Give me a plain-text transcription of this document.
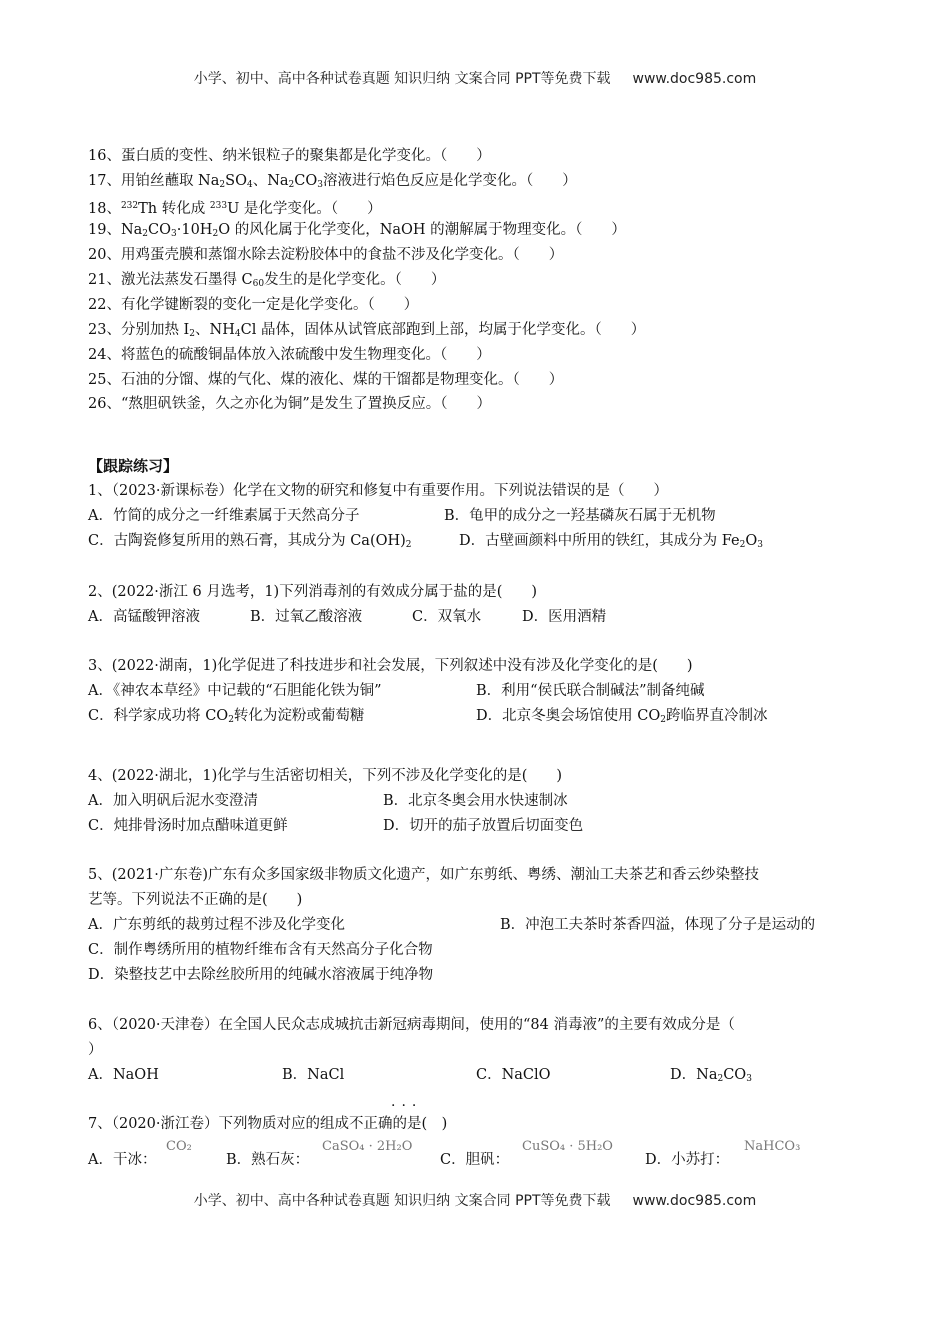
小学、初中、高中各种试卷真题 知识归纳 文案合同 PPT等免费下载 www.doc985.com
16、蛋白质的变性、纳米银粒子的聚集都是化学变化。（　　）
17、用铂丝蘸取 $Na_2SO_4$、$Na_2CO_3$溶液进行焰色反应是化学变化。（　　）
18、$^{232}$Th 转化成 $^{233}$U 是化学变化。（　　）
19、$Na_2CO_3\cdot 10H_2O$ 的风化属于化学变化，NaOH 的潮解属于物理变化。（　　）
20、用鸡蛋壳膜和蒸馏水除去淀粉胶体中的食盐不涉及化学变化。（　　）
21、激光法蒸发石墨得 $C_{60}$发生的是化学变化。（　　）
22、有化学键断裂的变化一定是化学变化。（　　）
23、分别加热 $I_2$、$NH_4Cl$ 晶体，固体从试管底部跑到上部，均属于化学变化。（　　）
24、将蓝色的硫酸铜晶体放入浓硫酸中发生物理变化。（　　）
25、石油的分馏、煤的气化、煤的液化、煤的干馏都是物理变化。（　　）
26、“熬胆矾铁釜，久之亦化为铜”是发生了置换反应。（　　）
【跟踪练习】
1、（2023·新课标卷）化学在文物的研究和修复中有重要作用。下列说法错误的是（　　）
A．竹简的成分之一纤维素属于天然高分子	B．龟甲的成分之一羟基磷灰石属于无机物
C．古陶瓷修复所用的熟石膏，其成分为 $Ca(OH)_2$	D．古壁画颜料中所用的铁红，其成分为 $Fe_2O_3$
2、(2022·浙江 6 月选考，1)下列消毒剂的有效成分属于盐的是(　　)
A．高锰酸钾溶液	B．过氧乙酸溶液	C．双氧水	D．医用酒精
3、(2022·湖南，1)化学促进了科技进步和社会发展，下列叙述中没有涉及化学变化的是(　　)
A．《神农本草经》中记载的“石胆能化铁为铜”	B．利用“侯氏联合制碱法”制备纯碱
C．科学家成功将 $CO_2$转化为淀粉或葡萄糖	D．北京冬奥会场馆使用 $CO_2$跨临界直冷制冰
4、(2022·湖北，1)化学与生活密切相关，下列不涉及化学变化的是(　　)
A．加入明矾后泥水变澄清	B．北京冬奥会用水快速制冰
C．炖排骨汤时加点醋味道更鲜	D．切开的茄子放置后切面变色
5、(2021·广东卷)广东有众多国家级非物质文化遗产，如广东剪纸、粤绣、潮汕工夫茶艺和香云纱染整技
艺等。下列说法不正确的是(　　)
A．广东剪纸的裁剪过程不涉及化学变化	B．冲泡工夫茶时茶香四溢，体现了分子是运动的
C．制作粤绣所用的植物纤维布含有天然高分子化合物
D．染整技艺中去除丝胶所用的纯碱水溶液属于纯净物
6、（2020·天津卷）在全国人民众志成城抗击新冠病毒期间，使用的“84 消毒液”的主要有效成分是（
）
A．NaOH	B．NaCl	C．NaClO	D．$Na_2CO_3$
···
7、（2020·浙江卷）下列物质对应的组成不正确的是(　)
A．干冰：
CO₂
B．熟石灰：
CaSO₄ · 2H₂O
C．胆矾：
CuSO₄ · 5H₂O
D．小苏打：
NaHCO₃
小学、初中、高中各种试卷真题 知识归纳 文案合同 PPT等免费下载 www.doc985.com
